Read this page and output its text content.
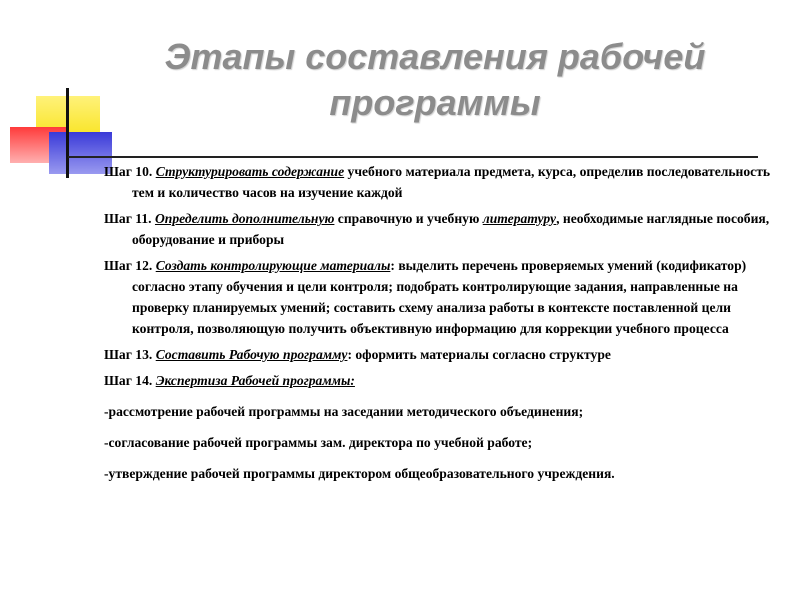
Этапы составления рабочей программы

Шаг 10. Структурировать содержание учебного материала предмета, курса, определив последовательность тем и количество часов на изучение каждой

Шаг 11. Определить дополнительную справочную и учебную литературу, необходимые наглядные пособия, оборудование и приборы

Шаг 12. Создать контролирующие материалы: выделить перечень проверяемых умений (кодификатор) согласно этапу обучения и цели контроля; подобрать контролирующие задания, направленные на проверку планируемых умений; составить схему анализа работы в контексте поставленной цели контроля, позволяющую получить объективную информацию для коррекции учебного процесса

Шаг 13. Составить Рабочую программу: оформить материалы согласно структуре

Шаг 14. Экспертиза Рабочей программы:

-рассмотрение рабочей программы на заседании методического объединения;

-согласование рабочей программы зам. директора по учебной работе;

-утверждение рабочей программы директором общеобразовательного учреждения.
